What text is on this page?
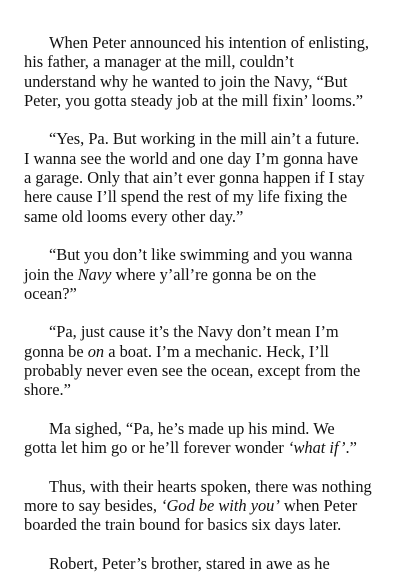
When Peter announced his intention of enlisting,
his father, a manager at the mill, couldn’t
understand why he wanted to join the Navy, “But
Peter, you gotta steady job at the mill fixin’ looms.”

“Yes, Pa. But working in the mill ain’t a future.
I wanna see the world and one day I’m gonna have
a garage. Only that ain’t ever gonna happen if I stay
here cause I’ll spend the rest of my life fixing the
same old looms every other day.”

“But you don’t like swimming and you wanna
join the Navy where y’all’re gonna be on the
ocean?”

“Pa, just cause it’s the Navy don’t mean I’m
gonna be on a boat. I’m a mechanic. Heck, I’ll
probably never even see the ocean, except from the
shore.”

Ma sighed, “Pa, he’s made up his mind. We
gotta let him go or he’ll forever wonder ‘what if’.”

Thus, with their hearts spoken, there was nothing
more to say besides, ‘God be with you’ when Peter
boarded the train bound for basics six days later.

Robert, Peter’s brother, stared in awe as he
